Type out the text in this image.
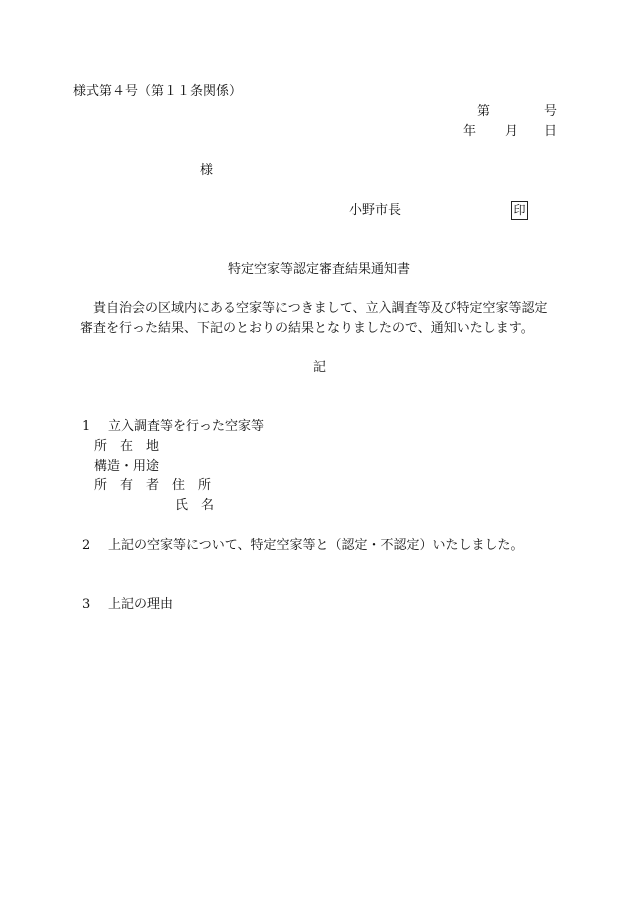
様式第４号（第１１条関係）
第	号
年 月 日
様
小野市長	印
特定空家等認定審査結果通知書
貴自治会の区域内にある空家等につきまして、立入調査等及び特定空家等認定
審査を行った結果、下記のとおりの結果となりましたので、通知いたします。
記
1 立入調査等を行った空家等
所　在　地
構造・用途
所　有　者　住　所
氏　名
2 上記の空家等について、特定空家等と（認定・不認定）いたしました。
3 上記の理由
